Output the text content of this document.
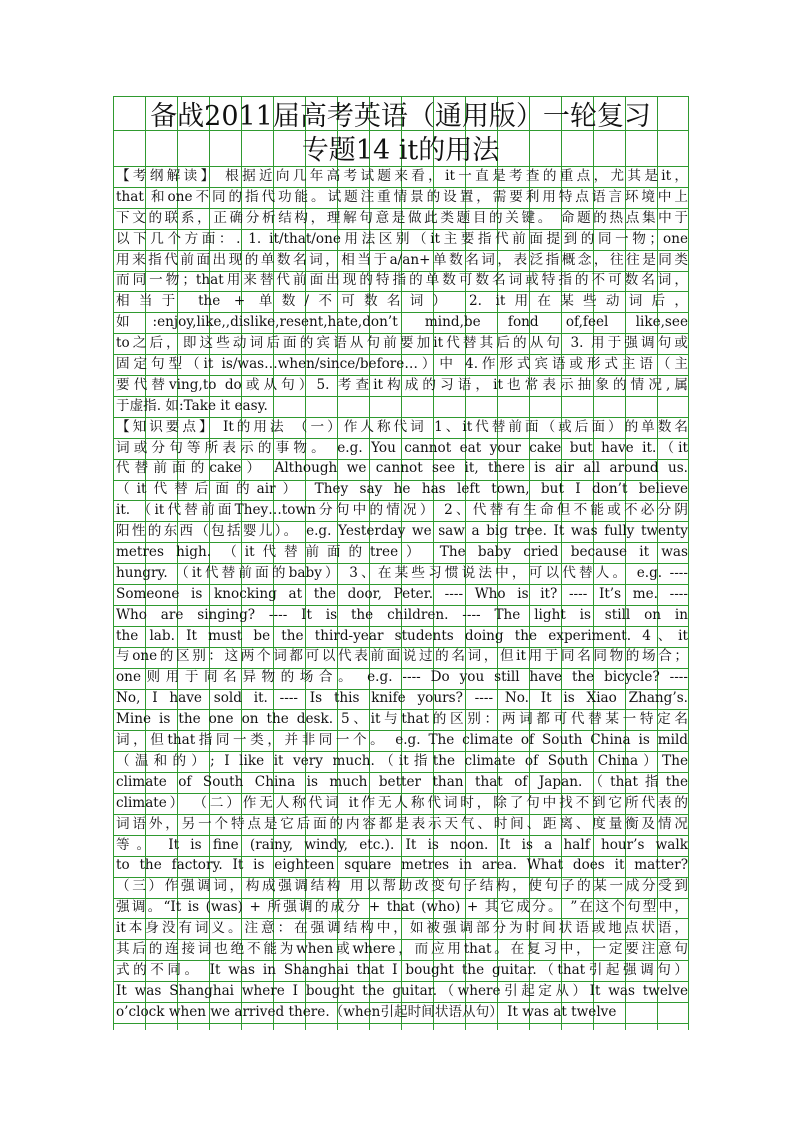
备战2011届高考英语（通用版）一轮复习
专题14 it的用法
【考纲解读】 根据近向几年高考试题来看，it一直是考查的重点，尤其是it，
that 和one不同的指代功能。试题注重情景的设置，需要利用特点语言环境中上
下文的联系，正确分析结构，理解句意是做此类题目的关键。 命题的热点集中于
以下几个方面：. 1. it/that/one用法区别（it主要指代前面提到的同一物；one
用来指代前面出现的单数名词，相当于a/an+单数名词，表泛指概念，往往是同类
而同一物；that用来替代前面出现的特指的单数可数名词或特指的不可数名词，
相当于 the + 单数/不可数名词） 2. it用在某些动词后，
如:enjoy,like,,dislike,resent,hate,don’t mind,be fond of,feel like,see
to之后，即这些动词后面的宾语从句前要加it代替其后的从句 3. 用于强调句或
固定句型（it is/was…when/since/before…）中 4.作形式宾语或形式主语（主
要代替ving,to do或从句）5. 考查it构成的习语，it也常表示抽象的情况,属
于虚指. 如:Take it easy.
【知识要点】 It的用法 （一）作人称代词 1、it代替前面（或后面）的单数名
词或分句等所表示的事物。 e.g. You cannot eat your cake but have it.（it
代替前面的cake） Although we cannot see it, there is air all around us.
（it代替后面的air） They say he has left town, but I don’t believe
it. （it代替前面They…town分句中的情况） 2、代替有生命但不能或不必分阴
阳性的东西（包括婴儿）。 e.g. Yesterday we saw a big tree. It was fully twenty
metres high. （it代替前面的tree） The baby cried because it was
hungry. （it代替前面的baby） 3、在某些习惯说法中，可以代替人。 e.g. ----
Someone is knocking at the door, Peter. ---- Who is it? ---- It’s me. ----
Who are singing? ---- It is the children. ---- The light is still on in
the lab. It must be the third-year students doing the experiment. 4、it
与one的区别：这两个词都可以代表前面说过的名词，但it用于同名同物的场合；
one则用于同名异物的场合。 e.g. ---- Do you still have the bicycle? ----
No, I have sold it. ---- Is this knife yours? ---- No. It is Xiao Zhang’s.
Mine is the one on the desk. 5、it与that的区别：两词都可代替某一特定名
词，但that指同一类，并非同一个。 e.g. The climate of South China is mild
（温和的）; I like it very much.（it指the climate of South China）The
climate of South China is much better than that of Japan.（that指the
climate） （二）作无人称代词 it作无人称代词时，除了句中找不到它所代表的
词语外，另一个特点是它后面的内容都是表示天气、时间、距离、度量衡及情况
等。 It is fine (rainy, windy, etc.). It is noon. It is a half hour’s walk
to the factory. It is eighteen square metres in area. What does it matter?
（三）作强调词，构成强调结构 用以帮助改变句子结构，使句子的某一成分受到
强调。“It is (was) + 所强调的成分 + that (who) + 其它成分。 ”在这个句型中，
it本身没有词义。注意：在强调结构中，如被强调部分为时间状语或地点状语，
其后的连接词也绝不能为when或where，而应用that。在复习中，一定要注意句
式的不同。 It was in Shanghai that I bought the guitar.（that引起强调句）
It was Shanghai where I bought the guitar.（where引起定从）It was twelve
o’clock when we arrived there.（when引起时间状语从句） It was at twelve
